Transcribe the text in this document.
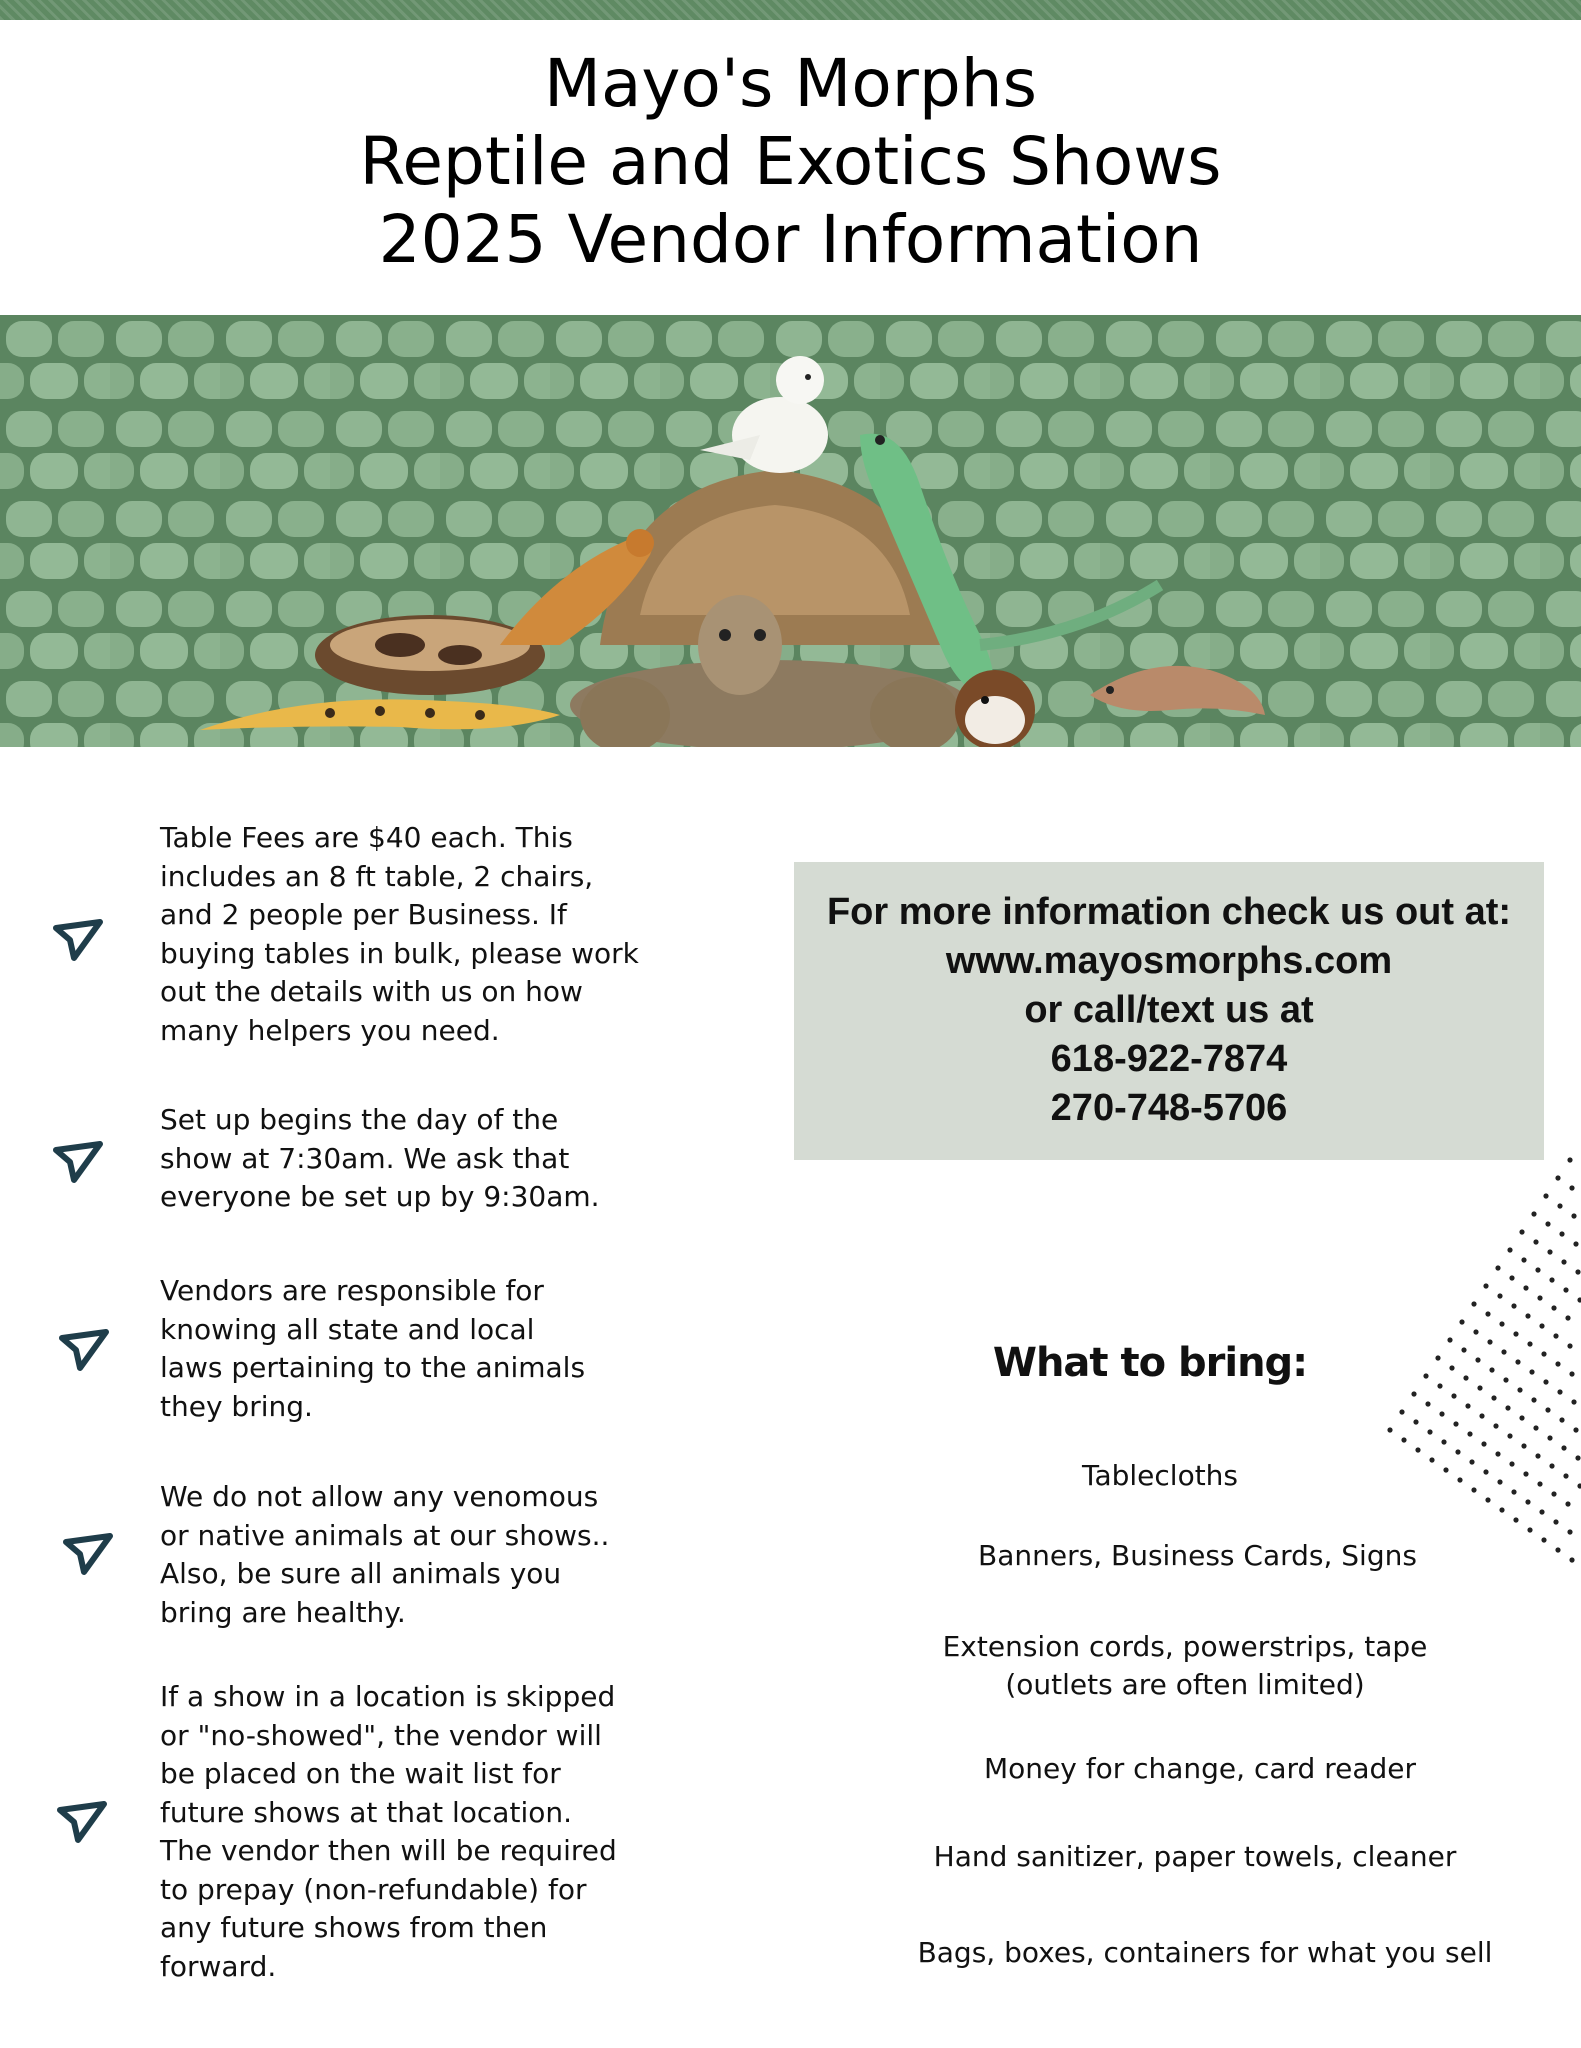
Mayo's Morphs
Reptile and Exotics Shows
2025 Vendor Information
Table Fees are $40 each. This
includes an 8 ft table, 2 chairs,
and 2 people per Business. If
buying tables in bulk, please work
out the details with us on how
many helpers you need.
Set up begins the day of the
show at 7:30am. We ask that
everyone be set up by 9:30am.
Vendors are responsible for
knowing all state and local
laws pertaining to the animals
they bring.
We do not allow any venomous
or native animals at our shows..
Also, be sure all animals you
bring are healthy.
If a show in a location is skipped
or "no-showed", the vendor will
be placed on the wait list for
future shows at that location.
The vendor then will be required
to prepay (non-refundable) for
any future shows from then
forward.
For more information check us out at:
www.mayosmorphs.com
or call/text us at
618-922-7874
270-748-5706
What to bring:
Tablecloths
Banners, Business Cards, Signs
Extension cords, powerstrips, tape
(outlets are often limited)
Money for change, card reader
Hand sanitizer, paper towels, cleaner
Bags, boxes, containers for what you sell
